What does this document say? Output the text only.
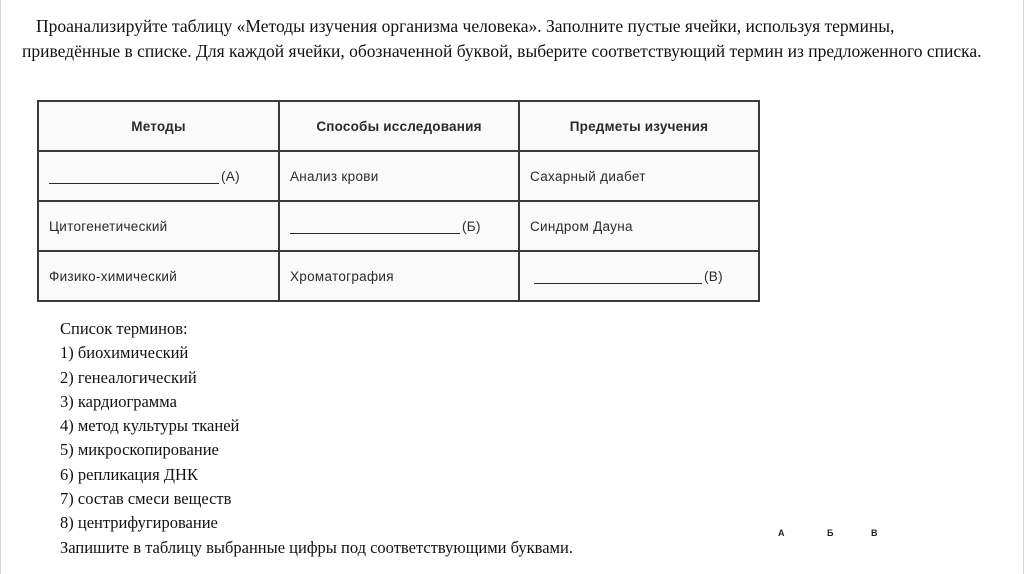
Проанализируйте таблицу «Методы изучения организма человека». Заполните пустые ячейки, используя термины, приведённые в списке. Для каждой ячейки, обозначенной буквой, выберите соответствующий термин из предложенного списка.

Методы	Способы исследования	Предметы изучения
(А)	Анализ крови	Сахарный диабет
Цитогенетический	(Б)	Синдром Дауна
Физико-химический	Хроматография	(В)
Список терминов:
1) биохимический
2) генеалогический
3) кардиограмма
4) метод культуры тканей
5) микроскопирование
6) репликация ДНК
7) состав смеси веществ
8) центрифугирование
Запишите в таблицу выбранные цифры под соответствующими буквами.
А	Б	В
